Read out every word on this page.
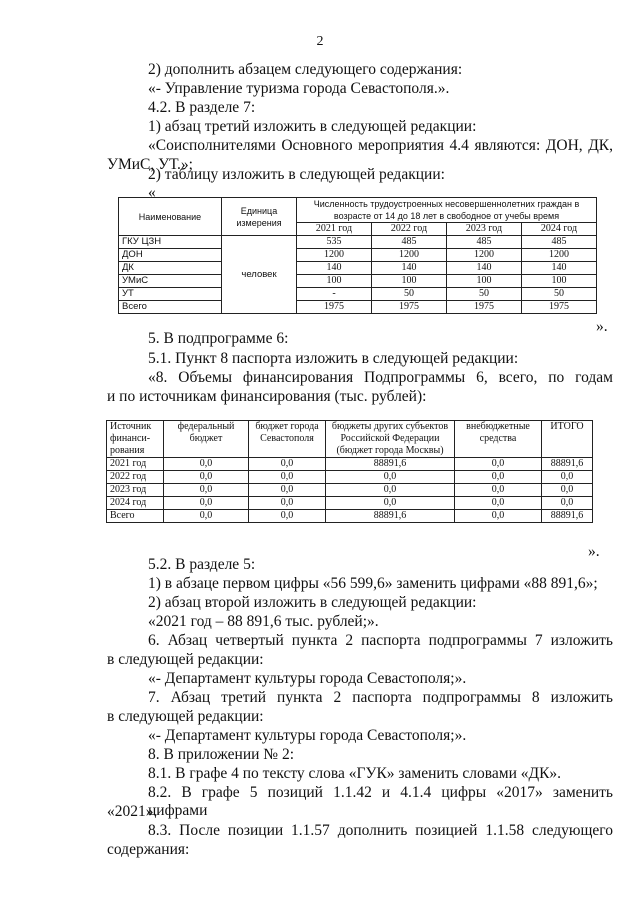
2
2) дополнить абзацем следующего содержания:
«- Управление туризма города Севастополя.».
4.2. В разделе 7:
1) абзац третий изложить в следующей редакции:
«Соисполнителями Основного мероприятия 4.4 являются: ДОН, ДК,
УМиС, УТ.»;
2) таблицу изложить в следующей редакции:
«
Наименование	Единица измерения	Численность трудоустроенных несовершеннолетних граждан в возрасте от 14 до 18 лет в свободное от учебы время			
		2021 год	2022 год	2023 год	2024 год
ГКУ ЦЗН	человек	535	485	485	485
ДОН		1200	1200	1200	1200
ДК		140	140	140	140
УМиС		100	100	100	100
УТ		-	50	50	50
Всего		1975	1975	1975	1975
».
5. В подпрограмме 6:
5.1. Пункт 8 паспорта изложить в следующей редакции:
«8. Объемы финансирования Подпрограммы 6, всего, по годам
и по источникам финансирования (тыс. рублей):
Источник финанси-рования	федеральный бюджет	бюджет города Севастополя	бюджеты других субъектов Российской Федерации (бюджет города Москвы)	внебюджетные средства	ИТОГО
2021 год	0,0	0,0	88891,6	0,0	88891,6
2022 год	0,0	0,0	0,0	0,0	0,0
2023 год	0,0	0,0	0,0	0,0	0,0
2024 год	0,0	0,0	0,0	0,0	0,0
Всего	0,0	0,0	88891,6	0,0	88891,6
».
5.2. В разделе 5:
1) в абзаце первом цифры «56 599,6» заменить цифрами «88 891,6»;
2) абзац второй изложить в следующей редакции:
«2021 год – 88 891,6 тыс. рублей;».
6. Абзац четвертый пункта 2 паспорта подпрограммы 7 изложить
в следующей редакции:
«- Департамент культуры города Севастополя;».
7. Абзац третий пункта 2 паспорта подпрограммы 8 изложить
в следующей редакции:
«- Департамент культуры города Севастополя;».
8. В приложении № 2:
8.1. В графе 4 по тексту слова «ГУК» заменить словами «ДК».
8.2. В графе 5 позиций 1.1.42 и 4.1.4 цифры «2017» заменить цифрами
«2021».
8.3. После позиции 1.1.57 дополнить позицией 1.1.58 следующего
содержания:
